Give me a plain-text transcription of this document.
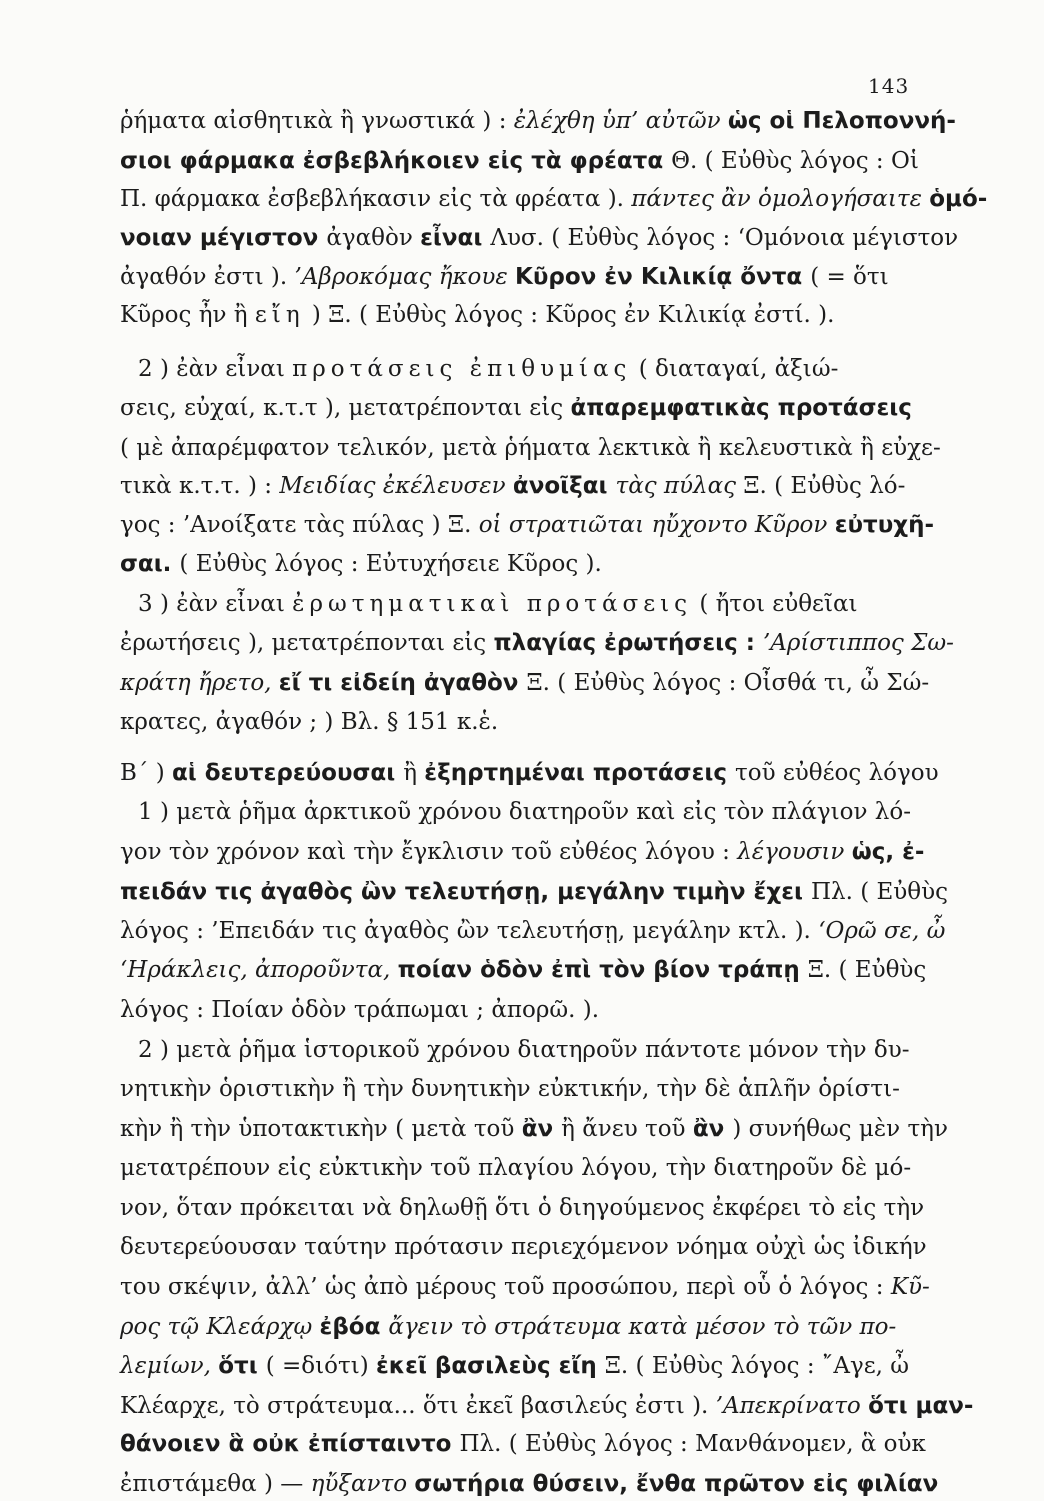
143
ῥήματα αἰσθητικὰ ἢ γνωστικά ) : ἐλέχθη ὑπ’ αὐτῶν ὡς οἱ Πελοποννή-
σιοι φάρμακα ἐσβεβλήκοιεν εἰς τὰ φρέατα Θ. ( Εὐθὺς λόγος : Οἱ
Π. φάρμακα ἐσβεβλήκασιν εἰς τὰ φρέατα ). πάντες ἂν ὁμολογήσαιτε ὁμό-
νοιαν μέγιστον ἀγαθὸν εἶναι Λυσ. ( Εὐθὺς λόγος : ‘Ομόνοια μέγιστον
ἀγαθόν ἐστι ). ’Αβροκόμας ἤκουε Κῦρον ἐν Κιλικίᾳ ὄντα ( = ὅτι
Κῦρος ἦν ἢ εἴη ) Ξ. ( Εὐθὺς λόγος : Κῦρος ἐν Κιλικίᾳ ἐστί. ).
2 ) ἐὰν εἶναι προτάσεις ἐπιθυμίας ( διαταγαί, ἀξιώ-
σεις, εὐχαί, κ.τ.τ ), μετατρέπονται εἰς ἀπαρεμφατικὰς προτάσεις
( μὲ ἀπαρέμφατον τελικόν, μετὰ ῥήματα λεκτικὰ ἢ κελευστικὰ ἢ εὐχε-
τικὰ κ.τ.τ. ) : Μειδίας ἐκέλευσεν ἀνοῖξαι τὰς πύλας Ξ. ( Εὐθὺς λό-
γος : ’Ανοίξατε τὰς πύλας ) Ξ. οἱ στρατιῶται ηὔχοντο Κῦρον εὐτυχῆ-
σαι. ( Εὐθὺς λόγος : Εὐτυχήσειε Κῦρος ).
3 ) ἐὰν εἶναι ἐρωτηματικαὶ προτάσεις ( ἤτοι εὐθεῖαι
ἐρωτήσεις ), μετατρέπονται εἰς πλαγίας ἐρωτήσεις : ’Αρίστιππος Σω-
κράτη ἤρετο, εἴ τι εἰδείη ἀγαθὸν Ξ. ( Εὐθὺς λόγος : Οἶσθά τι, ὦ Σώ-
κρατες, ἀγαθόν ; ) Βλ. § 151 κ.ἑ.
Β΄ ) αἱ δευτερεύουσαι ἢ ἐξηρτημέναι προτάσεις τοῦ εὐθέος λόγου
1 ) μετὰ ῥῆμα ἀρκτικοῦ χρόνου διατηροῦν καὶ εἰς τὸν πλάγιον λό-
γον τὸν χρόνον καὶ τὴν ἔγκλισιν τοῦ εὐθέος λόγου : λέγουσιν ὡς, ἐ-
πειδάν τις ἀγαθὸς ὢν τελευτήσῃ, μεγάλην τιμὴν ἔχει Πλ. ( Εὐθὺς
λόγος : ’Επειδάν τις ἀγαθὸς ὢν τελευτήσῃ, μεγάλην κτλ. ). ‘Ορῶ σε, ὦ
‘Ηράκλεις, ἀποροῦντα, ποίαν ὁδὸν ἐπὶ τὸν βίον τράπῃ Ξ. ( Εὐθὺς
λόγος : Ποίαν ὁδὸν τράπωμαι ; ἀπορῶ. ).
2 ) μετὰ ῥῆμα ἱστορικοῦ χρόνου διατηροῦν πάντοτε μόνον τὴν δυ-
νητικὴν ὁριστικὴν ἢ τὴν δυνητικὴν εὐκτικήν, τὴν δὲ ἁπλῆν ὁρίστι-
κὴν ἢ τὴν ὑποτακτικὴν ( μετὰ τοῦ ἂν ἢ ἄνευ τοῦ ἂν ) συνήθως μὲν τὴν
μετατρέπουν εἰς εὐκτικὴν τοῦ πλαγίου λόγου, τὴν διατηροῦν δὲ μό-
νον, ὅταν πρόκειται νὰ δηλωθῇ ὅτι ὁ διηγούμενος ἐκφέρει τὸ εἰς τὴν
δευτερεύουσαν ταύτην πρότασιν περιεχόμενον νόημα οὐχὶ ὡς ἰδικήν
του σκέψιν, ἀλλ’ ὡς ἀπὸ μέρους τοῦ προσώπου, περὶ οὗ ὁ λόγος : Κῦ-
ρος τῷ Κλεάρχῳ ἐβόα ἄγειν τὸ στράτευμα κατὰ μέσον τὸ τῶν πο-
λεμίων, ὅτι ( =διότι) ἐκεῖ βασιλεὺς εἴη Ξ. ( Εὐθὺς λόγος : ῎Αγε, ὦ
Κλέαρχε, τὸ στράτευμα... ὅτι ἐκεῖ βασιλεύς ἐστι ). ’Απεκρίνατο ὅτι μαν-
θάνοιεν ἃ οὐκ ἐπίσταιντο Πλ. ( Εὐθὺς λόγος : Μανθάνομεν, ἃ οὐκ
ἐπιστάμεθα ) — ηὔξαντο σωτήρια θύσειν, ἔνθα πρῶτον εἰς φιλίαν
